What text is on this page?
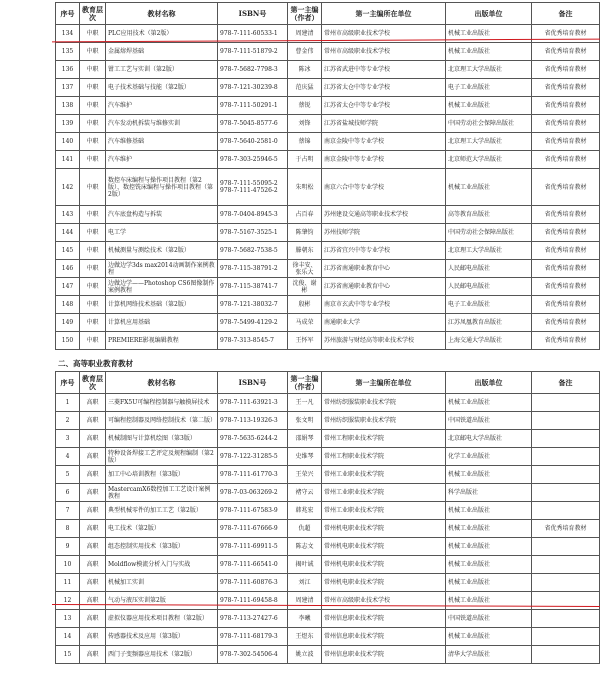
序号	教育层次	教材名称	ISBN号	第一主编（作者）	第一主编所在单位	出版单位	备注
134	中职	PLC应用技术（第2版）	978-7-111-60533-1	周建清	常州市高级职业技术学校	机械工业出版社	省优秀培育教材
135	中职	金属熔焊基础	978-7-111-51879-2	曹金伟	常州市高级职业技术学校	机械工业出版社	省优秀培育教材
136	中职	钳工工艺与实训（第2版）	978-7-5682-7798-3	陈冰	江苏省武进中等专业学校	北京理工大学出版社	省优秀培育教材
137	中职	电子技术基础与技能（第2版）	978-7-121-30239-8	范庆猛	江苏省太仓中等专业学校	电子工业出版社	省优秀培育教材
138	中职	汽车维护	978-7-111-50291-1	蔡锐	江苏省太仓中等专业学校	机械工业出版社	省优秀培育教材
139	中职	汽车发动机拆装与维修实训	978-7-5045-8577-6	刘锋	江苏省盐城技师学院	中国劳动社会保障出版社	省优秀培育教材
140	中职	汽车维修基础	978-7-5640-2581-0	蔡锦	南京金陵中等专业学校	北京理工大学出版社	省优秀培育教材
141	中职	汽车维护	978-7-303-25946-5	于占明	南京金陵中等专业学校	北京师范大学出版社	省优秀培育教材
142	中职	数控车床编程与操作项目教程（第2版）、数控铣床编程与操作项目教程（第2版）	978-7-111-55095-2
978-7-111-47526-2	朱明松	南京六合中等专业学校	机械工业出版社	省优秀培育教材
143	中职	汽车底盘构造与拆装	978-7-0404-8945-3	占百春	苏州建设交通高等职业技术学校	高等教育出版社	省优秀培育教材
144	中职	电工学	978-7-5167-3525-1	陈肇钧	苏州技师学院	中国劳动社会保障出版社	省优秀培育教材
145	中职	机械测量与测绘技术（第2版）	978-7-5682-7538-5	滕朝东	江苏省宜兴中等专业学校	北京理工大学出版社	省优秀培育教材
146	中职	边做边学3ds max2014动画制作案例教程	978-7-115-38791-2	徐丰安、张乐大	江苏省南通职业教育中心	人民邮电出版社	省优秀培育教材
147	中职	边做边学——Photoshop CS6图像制作案例教程	978-7-115-38741-7	沈俊、谢彬	江苏省南通职业教育中心	人民邮电出版社	省优秀培育教材
148	中职	计算机网络技术基础（第2版）	978-7-121-38032-7	殷彬	南京市玄武中等专业学校	电子工业出版社	省优秀培育教材
149	中职	计算机应用基础	978-7-5499-4129-2	马成荣	南通职业大学	江苏凤凰教育出版社	省优秀培育教材
150	中职	PREMIERE影视编辑教程	978-7-313-8545-7	王怀军	苏州旅游与财经高等职业技术学校	上海交通大学出版社	省优秀培育教材
二、高等职业教育教材
序号	教育层次	教材名称	ISBN号	第一主编（作者）	第一主编所在单位	出版单位	备注
1	高职	三菱FX5U可编程控制器与触摸屏技术	978-7-111-63921-3	王一凡	常州纺织服装职业技术学院	机械工业出版社	
2	高职	可编程控制器及网络控制技术（第二版）	978-7-113-19326-3	张文明	常州纺织服装职业技术学院	中国铁道出版社	
3	高职	机械制图与计算机绘图（第3版）	978-7-5635-6244-2	邵娟琴	常州工程职业技术学院	北京邮电大学出版社	
4	高职	特种设备焊接工艺评定及规程编制（第2版）	978-7-122-31285-5	史维琴	常州工程职业技术学院	化学工业出版社	
5	高职	加工中心培训教程（第3版）	978-7-111-61770-3	王荣兴	常州工业职业技术学院	机械工业出版社	
6	高职	MastercamX6数控加工工艺设计案例教程	978-7-03-063269-2	褚守云	常州工业职业技术学院	科学出版社	
7	高职	典型机械零件的加工工艺（第2版）	978-7-111-67583-9	韩兆宏	常州工业职业技术学院	机械工业出版社	
8	高职	电工技术（第2版）	978-7-111-67666-9	仇超	常州机电职业技术学院	机械工业出版社	省优秀培育教材
9	高职	组态控制实用技术（第3版）	978-7-111-69911-5	陈志文	常州机电职业技术学院	机械工业出版社	
10	高职	Moldflow模流分析入门与实战	978-7-111-66541-0	揭叶诚	常州机电职业技术学院	机械工业出版社	
11	高职	机械加工实训	978-7-111-60876-3	刘江	常州机电职业技术学院	机械工业出版社	
12	高职	气动与液压实训第2版	978-7-111-69458-8	周建清	常州市高级职业技术学校	机械工业出版社	
13	高职	虚拟仪器应用技术项目教程（第2版）	978-7-113-27427-6	李曦	常州信息职业技术学院	中国铁道出版社	
14	高职	传感器技术及应用（第3版）	978-7-111-68179-3	王煜东	常州信息职业技术学院	机械工业出版社	
15	高职	西门子变频器应用技术（第2版）	978-7-302-54506-4	姚立波	常州信息职业技术学院	清华大学出版社	
